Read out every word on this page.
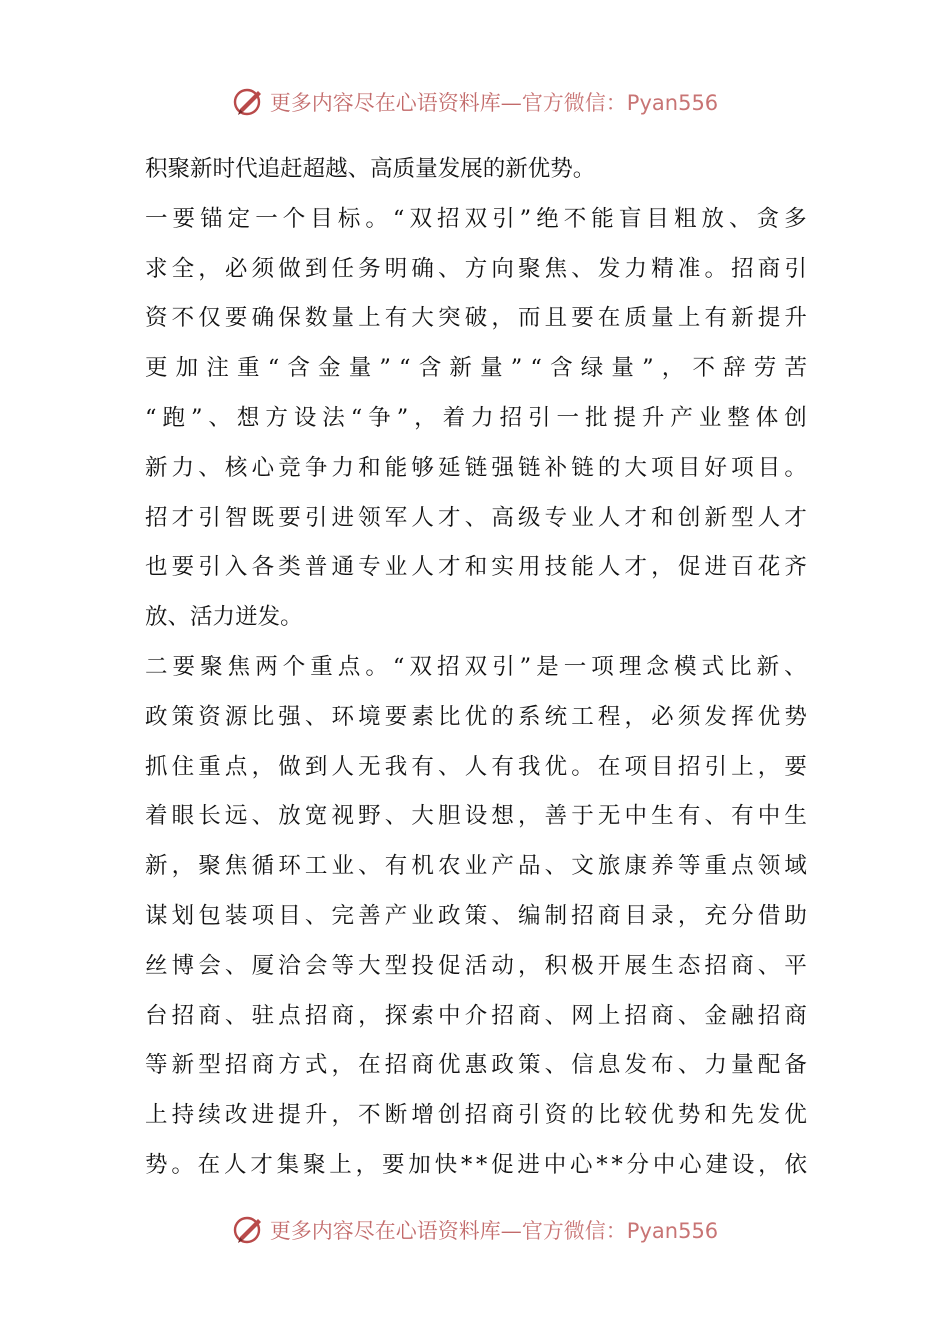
更多内容尽在心语资料库—官方微信：Pyan556
积 聚 新 时 代 追 赶 超 越 、 高 质 量 发 展 的 新 优 势 。
一 要 锚 定 一 个 目 标 。 “ 双 招 双 引 ” 绝 不 能 盲 目 粗 放 、 贪 多
求 全 ， 必 须 做 到 任 务 明 确 、 方 向 聚 焦 、 发 力 精 准 。 招 商 引
资 不 仅 要 确 保 数 量 上 有 大 突 破 ， 而 且 要 在 质 量 上 有 新 提 升
更 加 注 重 “ 含 金 量 ” “ 含 新 量 ” “ 含 绿 量 ” ， 不 辞 劳 苦
“ 跑 ” 、 想 方 设 法 “ 争 ” ， 着 力 招 引 一 批 提 升 产 业 整 体 创
新 力 、 核 心 竞 争 力 和 能 够 延 链 强 链 补 链 的 大 项 目 好 项 目 。
招 才 引 智 既 要 引 进 领 军 人 才 、 高 级 专 业 人 才 和 创 新 型 人 才
也 要 引 入 各 类 普 通 专 业 人 才 和 实 用 技 能 人 才 ， 促 进 百 花 齐
放 、 活 力 迸 发 。
二 要 聚 焦 两 个 重 点 。 “ 双 招 双 引 ” 是 一 项 理 念 模 式 比 新 、
政 策 资 源 比 强 、 环 境 要 素 比 优 的 系 统 工 程 ， 必 须 发 挥 优 势
抓 住 重 点 ， 做 到 人 无 我 有 、 人 有 我 优 。 在 项 目 招 引 上 ， 要
着 眼 长 远 、 放 宽 视 野 、 大 胆 设 想 ， 善 于 无 中 生 有 、 有 中 生
新 ， 聚 焦 循 环 工 业 、 有 机 农 业 产 品 、 文 旅 康 养 等 重 点 领 域
谋 划 包 装 项 目 、 完 善 产 业 政 策 、 编 制 招 商 目 录 ， 充 分 借 助
丝 博 会 、 厦 洽 会 等 大 型 投 促 活 动 ， 积 极 开 展 生 态 招 商 、 平
台 招 商 、 驻 点 招 商 ， 探 索 中 介 招 商 、 网 上 招 商 、 金 融 招 商
等 新 型 招 商 方 式 ， 在 招 商 优 惠 政 策 、 信 息 发 布 、 力 量 配 备
上 持 续 改 进 提 升 ， 不 断 增 创 招 商 引 资 的 比 较 优 势 和 先 发 优
势 。 在 人 才 集 聚 上 ， 要 加 快 * * 促 进 中 心 * * 分 中 心 建 设 ， 依
更多内容尽在心语资料库—官方微信：Pyan556
